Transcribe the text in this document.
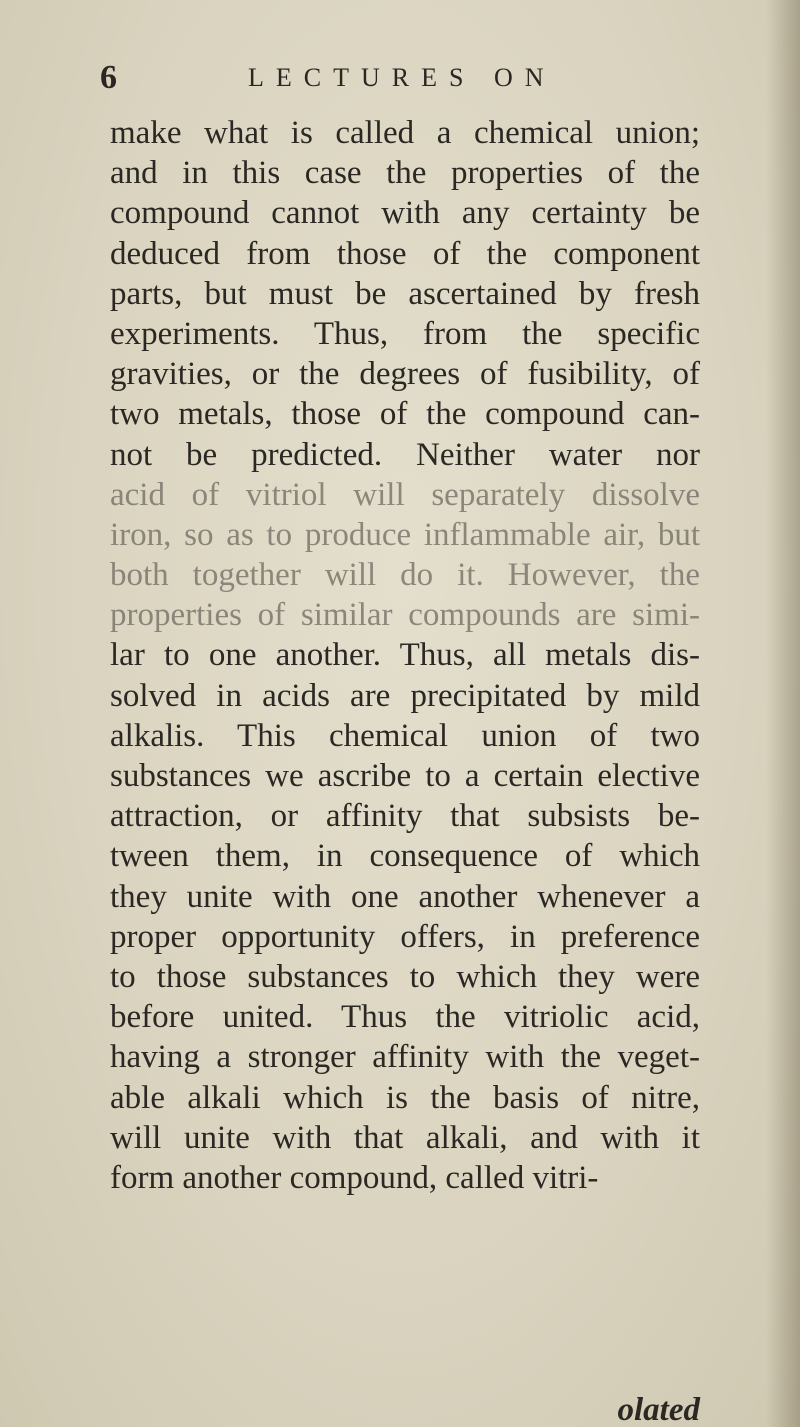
6	LECTURES ON
make what is called a chemical union;
and in this case the properties of the
compound cannot with any certainty be
deduced from those of the component
parts, but must be ascertained by fresh
experiments. Thus, from the specific
gravities, or the degrees of fusibility, of
two metals, those of the compound can-
not be predicted. Neither water nor
acid of vitriol will separately dissolve
iron, so as to produce inflammable air, but
both together will do it. However, the
properties of similar compounds are simi-
lar to one another. Thus, all metals dis-
solved in acids are precipitated by mild
alkalis. This chemical union of two
substances we ascribe to a certain elective
attraction, or affinity that subsists be-
tween them, in consequence of which
they unite with one another whenever a
proper opportunity offers, in preference
to those substances to which they were
before united. Thus the vitriolic acid,
having a stronger affinity with the veget-
able alkali which is the basis of nitre,
will unite with that alkali, and with it
form another compound, called vitri-
olated
